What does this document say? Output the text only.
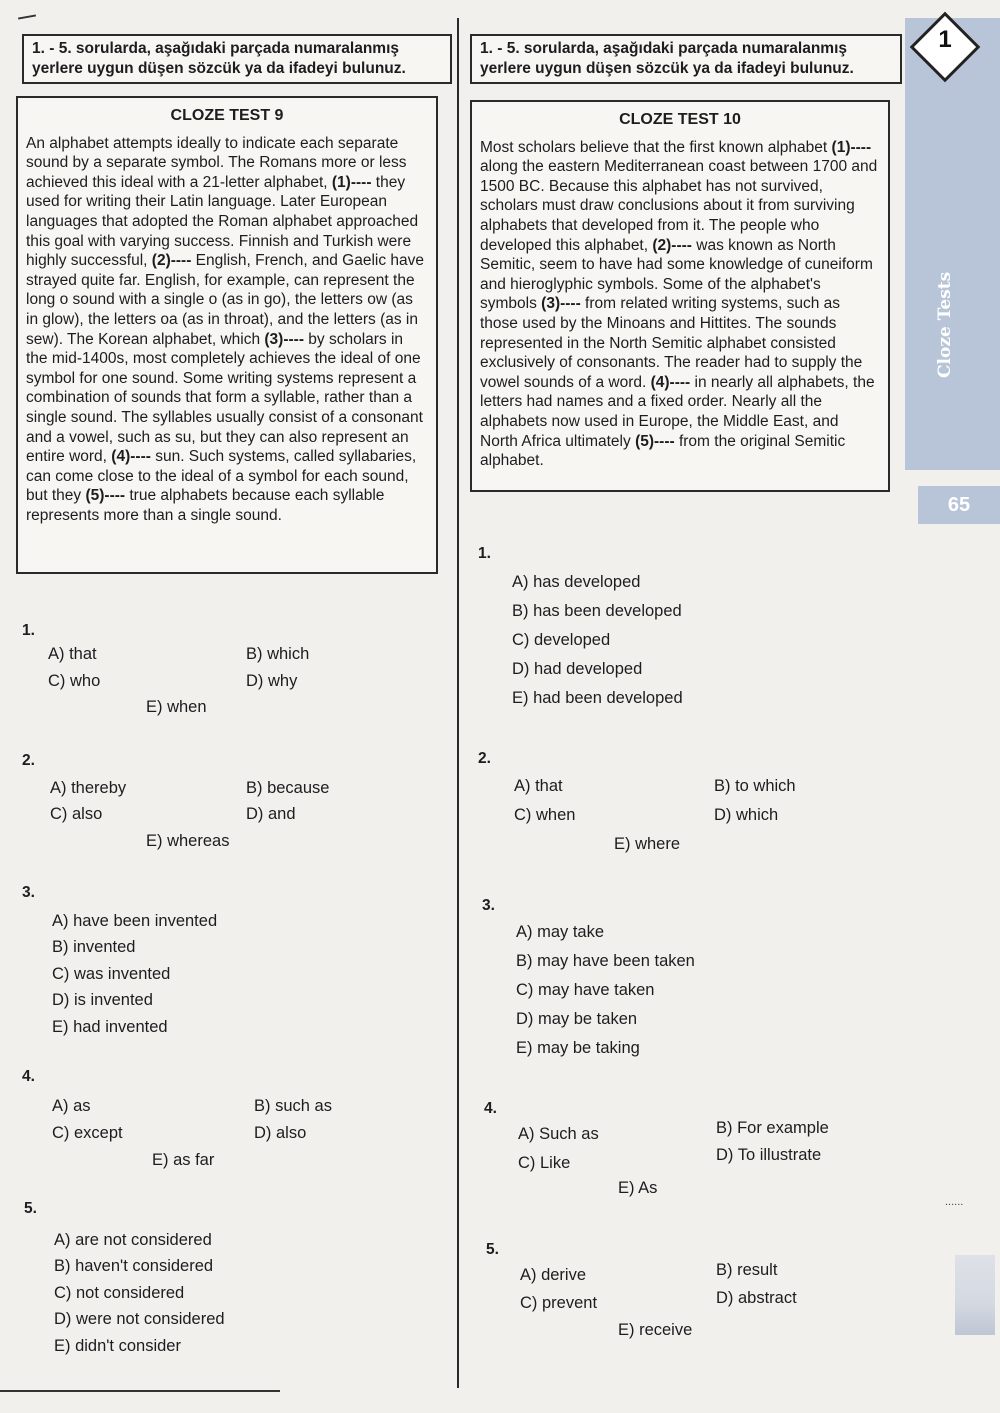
1. - 5. sorularda, aşağıdaki parçada numaralanmış yerlere uygun düşen sözcük ya da ifadeyi bulunuz.
1. - 5. sorularda, aşağıdaki parçada numaralanmış yerlere uygun düşen sözcük ya da ifadeyi bulunuz.
CLOZE TEST 9

An alphabet attempts ideally to indicate each separate sound by a separate symbol. The Romans more or less achieved this ideal with a 21-letter alphabet, (1)---- they used for writing their Latin language. Later European languages that adopted the Roman alphabet approached this goal with varying success. Finnish and Turkish were highly successful, (2)---- English, French, and Gaelic have strayed quite far. English, for example, can represent the long o sound with a single o (as in go), the letters ow (as in glow), the letters oa (as in throat), and the letters (as in sew). The Korean alphabet, which (3)---- by scholars in the mid-1400s, most completely achieves the ideal of one symbol for one sound. Some writing systems represent a combination of sounds that form a syllable, rather than a single sound. The syllables usually consist of a consonant and a vowel, such as su, but they can also represent an entire word, (4)---- sun. Such systems, called syllabaries, can come close to the ideal of a symbol for each sound, but they (5)---- true alphabets because each syllable represents more than a single sound.

CLOZE TEST 10

Most scholars believe that the first known alphabet (1)---- along the eastern Mediterranean coast between 1700 and 1500 BC. Because this alphabet has not survived, scholars must draw conclusions about it from surviving alphabets that developed from it. The people who developed this alphabet, (2)---- was known as North Semitic, seem to have had some knowledge of cuneiform and hieroglyphic symbols. Some of the alphabet's symbols (3)---- from related writing systems, such as those used by the Minoans and Hittites. The sounds represented in the North Semitic alphabet consisted exclusively of consonants. The reader had to supply the vowel sounds of a word. (4)---- in nearly all alphabets, the letters had names and a fixed order. Nearly all the alphabets now used in Europe, the Middle East, and North Africa ultimately (5)---- from the original Semitic alphabet.

1.
A) that	B) which
C) who	D) why
E) when
2.
A) thereby	B) because
C) also	D) and
E) whereas
3.
A) have been invented
B) invented
C) was invented
D) is invented
E) had invented
4.
A) as	B) such as
C) except	D) also
E) as far
5.
A) are not considered
B) haven't considered
C) not considered
D) were not considered
E) didn't consider
1.
A) has developed
B) has been developed
C) developed
D) had developed
E) had been developed
2.
A) that	B) to which
C) when	D) which
E) where
3.
A) may take
B) may have been taken
C) may have taken
D) may be taken
E) may be taking
4.
A) Such as	B) For example
C) Like	D) To illustrate
E) As
5.
A) derive	B) result
C) prevent	D) abstract
E) receive
Cloze Tests
1
65
......
